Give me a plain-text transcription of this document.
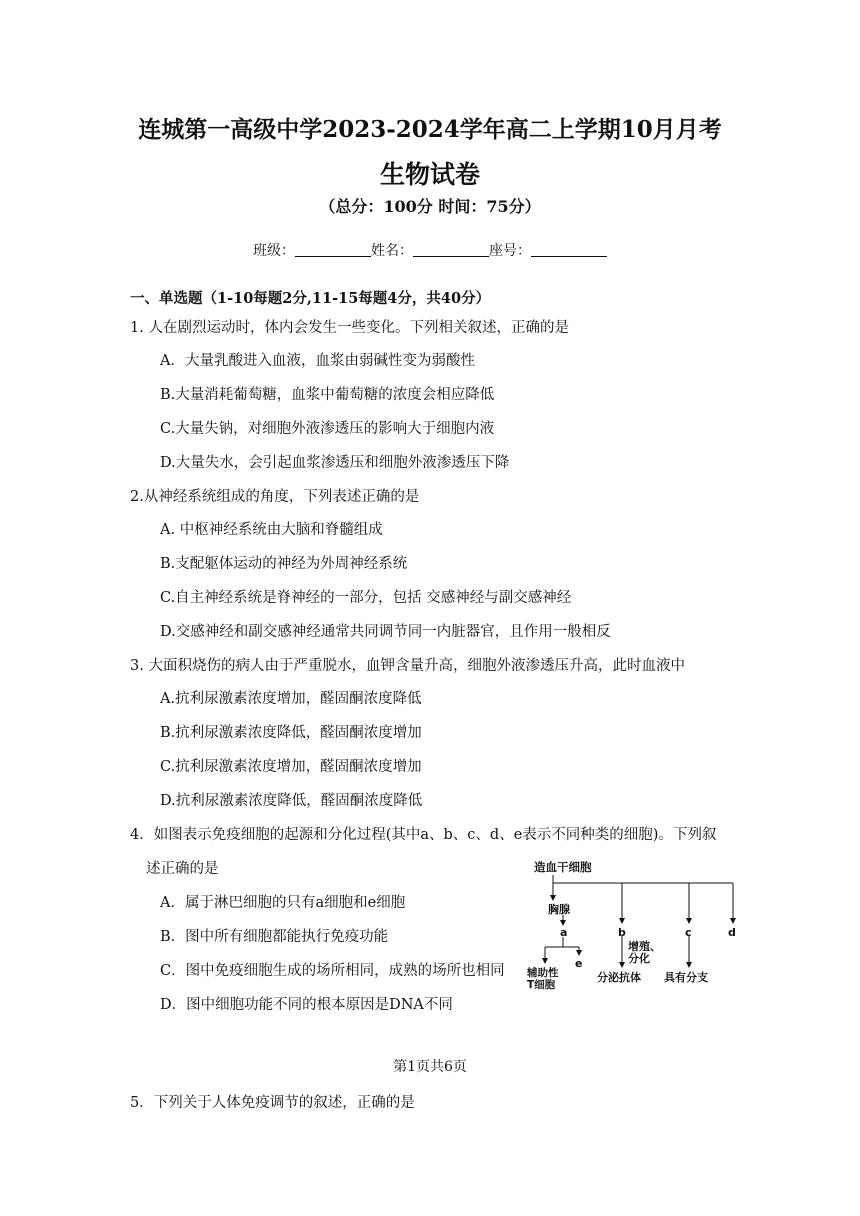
连城第一高级中学2023-2024学年高二上学期10月月考
生物试卷
（总分：100分 时间：75分）
班级：	姓名：	座号：
一、单选题（1-10每题2分,11-15每题4分，共40分）
1. 人在剧烈运动时，体内会发生一些变化。下列相关叙述，正确的是
A．大量乳酸进入血液，血浆由弱碱性变为弱酸性
B.大量消耗葡萄糖，血浆中葡萄糖的浓度会相应降低
C.大量失钠，对细胞外液渗透压的影响大于细胞内液
D.大量失水，会引起血浆渗透压和细胞外液渗透压下降
2.从神经系统组成的角度，下列表述正确的是
A. 中枢神经系统由大脑和脊髓组成
B.支配躯体运动的神经为外周神经系统
C.自主神经系统是脊神经的一部分，包括 交感神经与副交感神经
D.交感神经和副交感神经通常共同调节同一内脏器官，且作用一般相反
3. 大面积烧伤的病人由于严重脱水，血钾含量升高，细胞外液渗透压升高，此时血液中
A.抗利尿激素浓度增加，醛固酮浓度降低
B.抗利尿激素浓度降低，醛固酮浓度增加
C.抗利尿激素浓度增加，醛固酮浓度增加
D.抗利尿激素浓度降低，醛固酮浓度降低
4．如图表示免疫细胞的起源和分化过程(其中a、b、c、d、e表示不同种类的细胞)。下列叙
述正确的是
A．属于淋巴细胞的只有a细胞和e细胞
B．图中所有细胞都能执行免疫功能
C．图中免疫细胞生成的场所相同，成熟的场所也相同
D．图中细胞功能不同的根本原因是DNA不同
造血干细胞
胸腺
a	b	c	d
e
增殖、
分化
辅助性
T细胞
分泌抗体 具有分支
第1页共6页
5．下列关于人体免疫调节的叙述，正确的是
